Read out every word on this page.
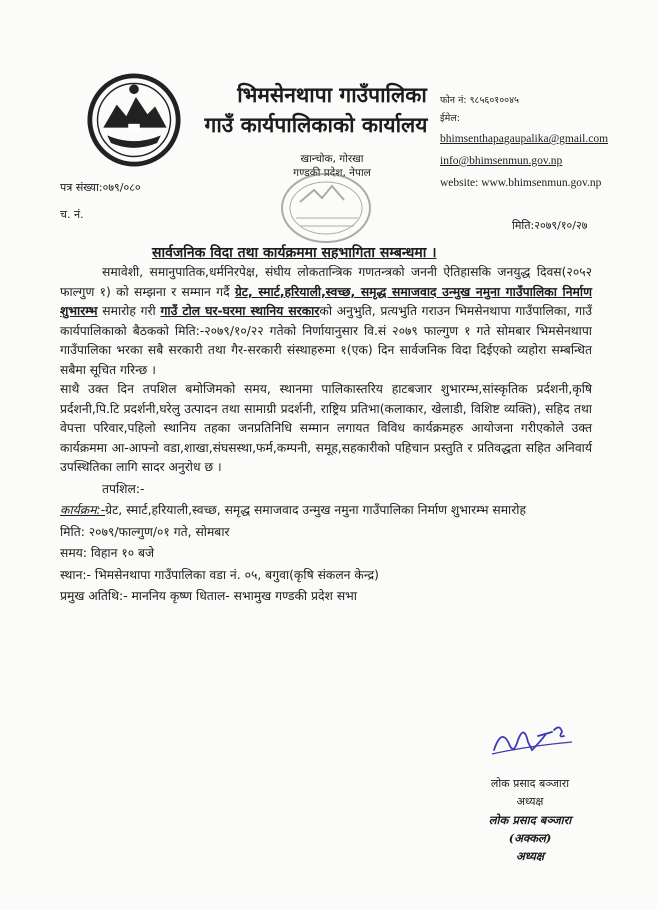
भिमसेनथापा गाउँपालिका
गाउँ कार्यपालिकाको कार्यालय
खान्चोक, गोरखा
गण्डकी प्रदेश, नेपाल
फोन नं: ९८५६०१००४५
ईमेल:
bhimsenthapagaupalika@gmail.com
info@bhimsenmun.gov.np
website: www.bhimsenmun.gov.np
पत्र संख्या:०७९/०८०
च. नं.
मिति:२०७९/१०/२७
सार्वजनिक विदा तथा कार्यक्रममा सहभागिता सम्बन्धमा ।

समावेशी, समानुपातिक,धर्मनिरपेक्ष, संघीय लोकतान्त्रिक गणतन्त्रको जननी ऐतिहासकि जनयुद्ध दिवस(२०५२ फाल्गुण १) को सम्झना र सम्मान गर्दै ग्रेट, स्मार्ट,हरियाली,स्वच्छ, समृद्ध समाजवाद उन्मुख नमुना गाउँपालिका निर्माण शुभारम्भ समारोह गरी गाउँ टोल घर-घरमा स्थानिय सरकारको अनुभुति, प्रत्यभुति गराउन भिमसेनथापा गाउँपालिका, गाउँ कार्यपालिकाको बैठकको मिति:-२०७९/१०/२२ गतेको निर्णायानुसार वि.सं २०७९ फाल्गुण १ गते सोमबार भिमसेनथापा गाउँपालिका भरका सबै सरकारी तथा गैर-सरकारी संस्थाहरुमा १(एक) दिन सार्वजनिक विदा दिईएको व्यहोरा सम्बन्धित सबैमा सूचित गरिन्छ ।

साथै उक्त दिन तपशिल बमोजिमको समय, स्थानमा पालिकास्तरिय हाटबजार शुभारम्भ,सांस्कृतिक प्रर्दशनी,कृषि प्रर्दशनी,पि.टि प्रदर्शनी,घरेलु उत्पादन तथा सामाग्री प्रदर्शनी, राष्ट्रिय प्रतिभा(कलाकार, खेलाडी, विशिष्ट व्यक्ति), सहिद तथा वेपत्ता परिवार,पहिलो स्थानिय तहका जनप्रतिनिधि सम्मान लगायत विविध कार्यक्रमहरु आयोजना गरीएकोले उक्त कार्यक्रममा आ-आफ्नो वडा,शाखा,संघसस्था,फर्म,कम्पनी, समूह,सहकारीको पहिचान प्रस्तुति र प्रतिवद्धता सहित अनिवार्य उपस्थितिका लागि सादर अनुरोध छ ।

तपशिल:-

कार्यक्रम:-ग्रेट, स्मार्ट,हरियाली,स्वच्छ, समृद्ध समाजवाद उन्मुख नमुना गाउँपालिका निर्माण शुभारम्भ समारोह

मिति: २०७९/फाल्गुण/०१ गते, सोमबार
समय: विहान १० बजे
स्थान:- भिमसेनथापा गाउँपालिका वडा नं. ०५, बगुवा(कृषि संकलन केन्द्र)
प्रमुख अतिथि:- माननिय कृष्ण धिताल- सभामुख गण्डकी प्रदेश सभा
लोक प्रसाद बञ्जारा
अध्यक्ष
लोक प्रसाद बञ्जारा (अक्कल)
अध्यक्ष
